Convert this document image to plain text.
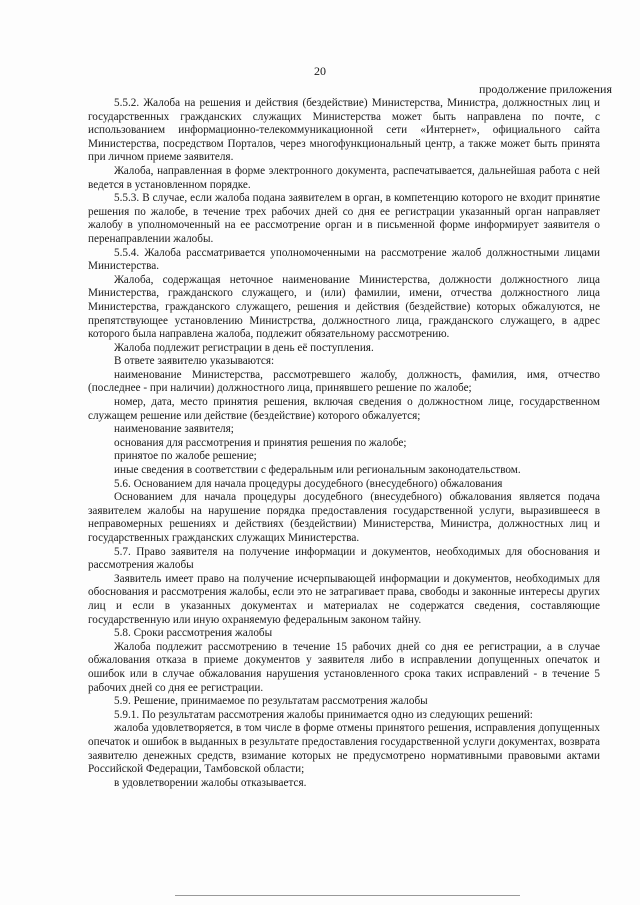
20
продолжение приложения

5.5.2. Жалоба на решения и действия (бездействие) Министерства, Министра, должностных лиц и государственных гражданских служащих Министерства может быть направлена по почте, с использованием информационно-телекоммуникационной сети «Интернет», официального сайта Министерства, посредством Порталов, через многофункциональный центр, а также может быть принята при личном приеме заявителя.

Жалоба, направленная в форме электронного документа, распечатывается, дальнейшая работа с ней ведется в установленном порядке.

5.5.3. В случае, если жалоба подана заявителем в орган, в компетенцию которого не входит принятие решения по жалобе, в течение трех рабочих дней со дня ее регистрации указанный орган направляет жалобу в уполномоченный на ее рассмотрение орган и в письменной форме информирует заявителя о перенаправлении жалобы.

5.5.4. Жалоба рассматривается уполномоченными на рассмотрение жалоб должностными лицами Министерства.

Жалоба, содержащая неточное наименование Министерства, должности должностного лица Министерства, гражданского служащего, и (или) фамилии, имени, отчества должностного лица Министерства, гражданского служащего, решения и действия (бездействие) которых обжалуются, не препятствующее установлению Министрства, должностного лица, гражданского служащего, в адрес которого была направлена жалоба, подлежит обязательному рассмотрению.

Жалоба подлежит регистрации в день её поступления.

В ответе заявителю указываются:

наименование Министерства, рассмотревшего жалобу, должность, фамилия, имя, отчество (последнее - при наличии) должностного лица, принявшего решение по жалобе;

номер, дата, место принятия решения, включая сведения о должностном лице, государственном служащем решение или действие (бездействие) которого обжалуется;

наименование заявителя;

основания для рассмотрения и принятия решения по жалобе;

принятое по жалобе решение;

иные сведения в соответствии с федеральным или региональным законодательством.

5.6. Основанием для начала процедуры досудебного (внесудебного) обжалования

Основанием для начала процедуры досудебного (внесудебного) обжалования является подача заявителем жалобы на нарушение порядка предоставления государственной услуги, выразившееся в неправомерных решениях и действиях (бездействии) Министерства, Министра, должностных лиц и государственных гражданских служащих Министерства.

5.7. Право заявителя на получение информации и документов, необходимых для обоснования и рассмотрения жалобы

Заявитель имеет право на получение исчерпывающей информации и документов, необходимых для обоснования и рассмотрения жалобы, если это не затрагивает права, свободы и законные интересы других лиц и если в указанных документах и материалах не содержатся сведения, составляющие государственную или иную охраняемую федеральным законом тайну.

5.8. Сроки рассмотрения жалобы

Жалоба подлежит рассмотрению в течение 15 рабочих дней со дня ее регистрации, а в случае обжалования отказа в приеме документов у заявителя либо в исправлении допущенных опечаток и ошибок или в случае обжалования нарушения установленного срока таких исправлений - в течение 5 рабочих дней со дня ее регистрации.

5.9. Решение, принимаемое по результатам рассмотрения жалобы

5.9.1. По результатам рассмотрения жалобы принимается одно из следующих решений:

жалоба удовлетворяется, в том числе в форме отмены принятого решения, исправления допущенных опечаток и ошибок в выданных в результате предоставления государственной услуги документах, возврата заявителю денежных средств, взимание которых не предусмотрено нормативными правовыми актами Российской Федерации, Тамбовской области;

в удовлетворении жалобы отказывается.
